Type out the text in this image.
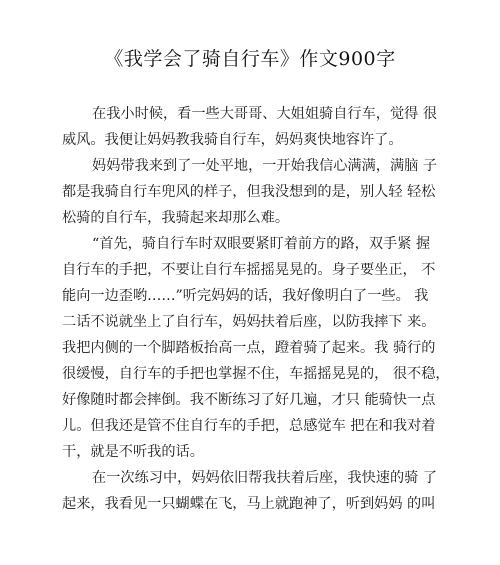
《我学会了骑自行车》作文900字
在我小时候，看一些大哥哥、大姐姐骑自行车，觉得 很
威风。我便让妈妈教我骑自行车，妈妈爽快地容许了。
妈妈带我来到了一处平地，一开始我信心满满，满脑 子
都是我骑自行车兜风的样子，但我没想到的是，别人轻 轻松
松骑的自行车，我骑起来却那么难。
“首先，骑自行车时双眼要紧盯着前方的路，双手紧 握
自行车的手把，不要让自行车摇摇晃晃的。身子要坐正， 不
能向一边歪哟……”听完妈妈的话，我好像明白了一些。 我
二话不说就坐上了自行车，妈妈扶着后座，以防我摔下 来。
我把内侧的一个脚踏板抬高一点，蹬着骑了起来。我 骑行的
很缓慢，自行车的手把也掌握不住，车摇摇晃晃的， 很不稳，
好像随时都会摔倒。我不断练习了好几遍，才只 能骑快一点
儿。但我还是管不住自行车的手把，总感觉车 把在和我对着
干，就是不听我的话。
在一次练习中，妈妈依旧帮我扶着后座，我快速的骑 了
起来，我看见一只蝴蝶在飞，马上就跑神了，听到妈妈 的叫
